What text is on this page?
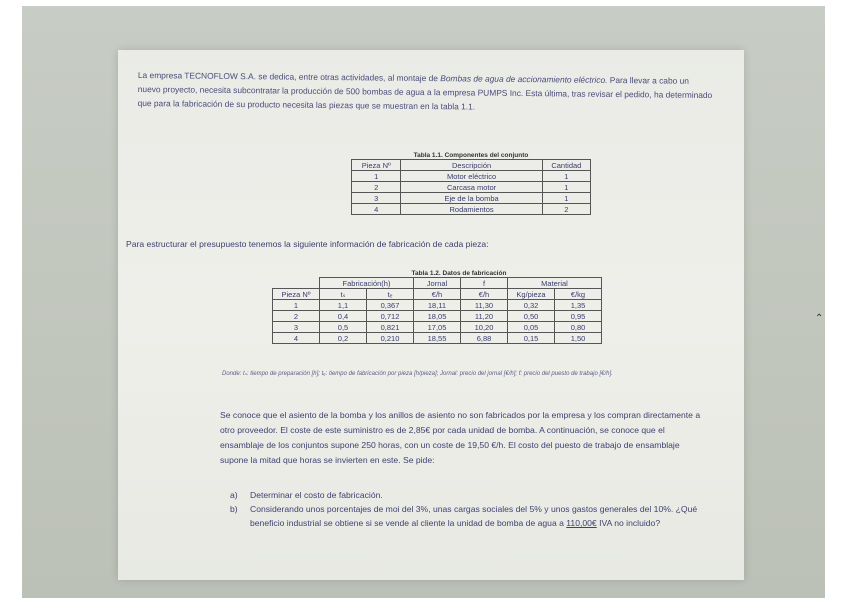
La empresa TECNOFLOW S.A. se dedica, entre otras actividades, al montaje de Bombas de agua de accionamiento eléctrico. Para llevar a cabo un nuevo proyecto, necesita subcontratar la producción de 500 bombas de agua a la empresa PUMPS Inc. Esta última, tras revisar el pedido, ha determinado que para la fabricación de su producto necesita las piezas que se muestran en la tabla 1.1.
Tabla 1.1. Componentes del conjunto
Pieza Nº	Descripción	Cantidad
1	Motor eléctrico	1
2	Carcasa motor	1
3	Eje de la bomba	1
4	Rodamientos	2
Para estructurar el presupuesto tenemos la siguiente información de fabricación de cada pieza:
Tabla 1.2. Datos de fabricación
	Fabricación(h)		Jornal	f	Material	
Pieza Nº	tₛ	tₑ	€/h	€/h	Kg/pieza	€/kg
1	1,1	0,367	18,11	11,30	0,32	1,35
2	0,4	0,712	18,05	11,20	0,50	0,95
3	0,5	0,821	17,05	10,20	0,05	0,80
4	0,2	0,210	18,55	6,88	0,15	1,50
⌃
Donde: tₛ: tiempo de preparación [h]; tₑ: tiempo de fabricación por pieza [h/pieza]; Jornal: precio del jornal [€/h]; f: precio del puesto de trabajo [€/h].
Se conoce que el asiento de la bomba y los anillos de asiento no son fabricados por la empresa y los compran directamente a otro proveedor. El coste de este suministro es de 2,85€ por cada unidad de bomba. A continuación, se conoce que el ensamblaje de los conjuntos supone 250 horas, con un coste de 19,50 €/h. El costo del puesto de trabajo de ensamblaje supone la mitad que horas se invierten en este. Se pide:
a)	Determinar el costo de fabricación.
b)	Considerando unos porcentajes de moi del 3%, unas cargas sociales del 5% y unos gastos generales del 10%. ¿Qué beneficio industrial se obtiene si se vende al cliente la unidad de bomba de agua a 110,00€ IVA no incluido?
